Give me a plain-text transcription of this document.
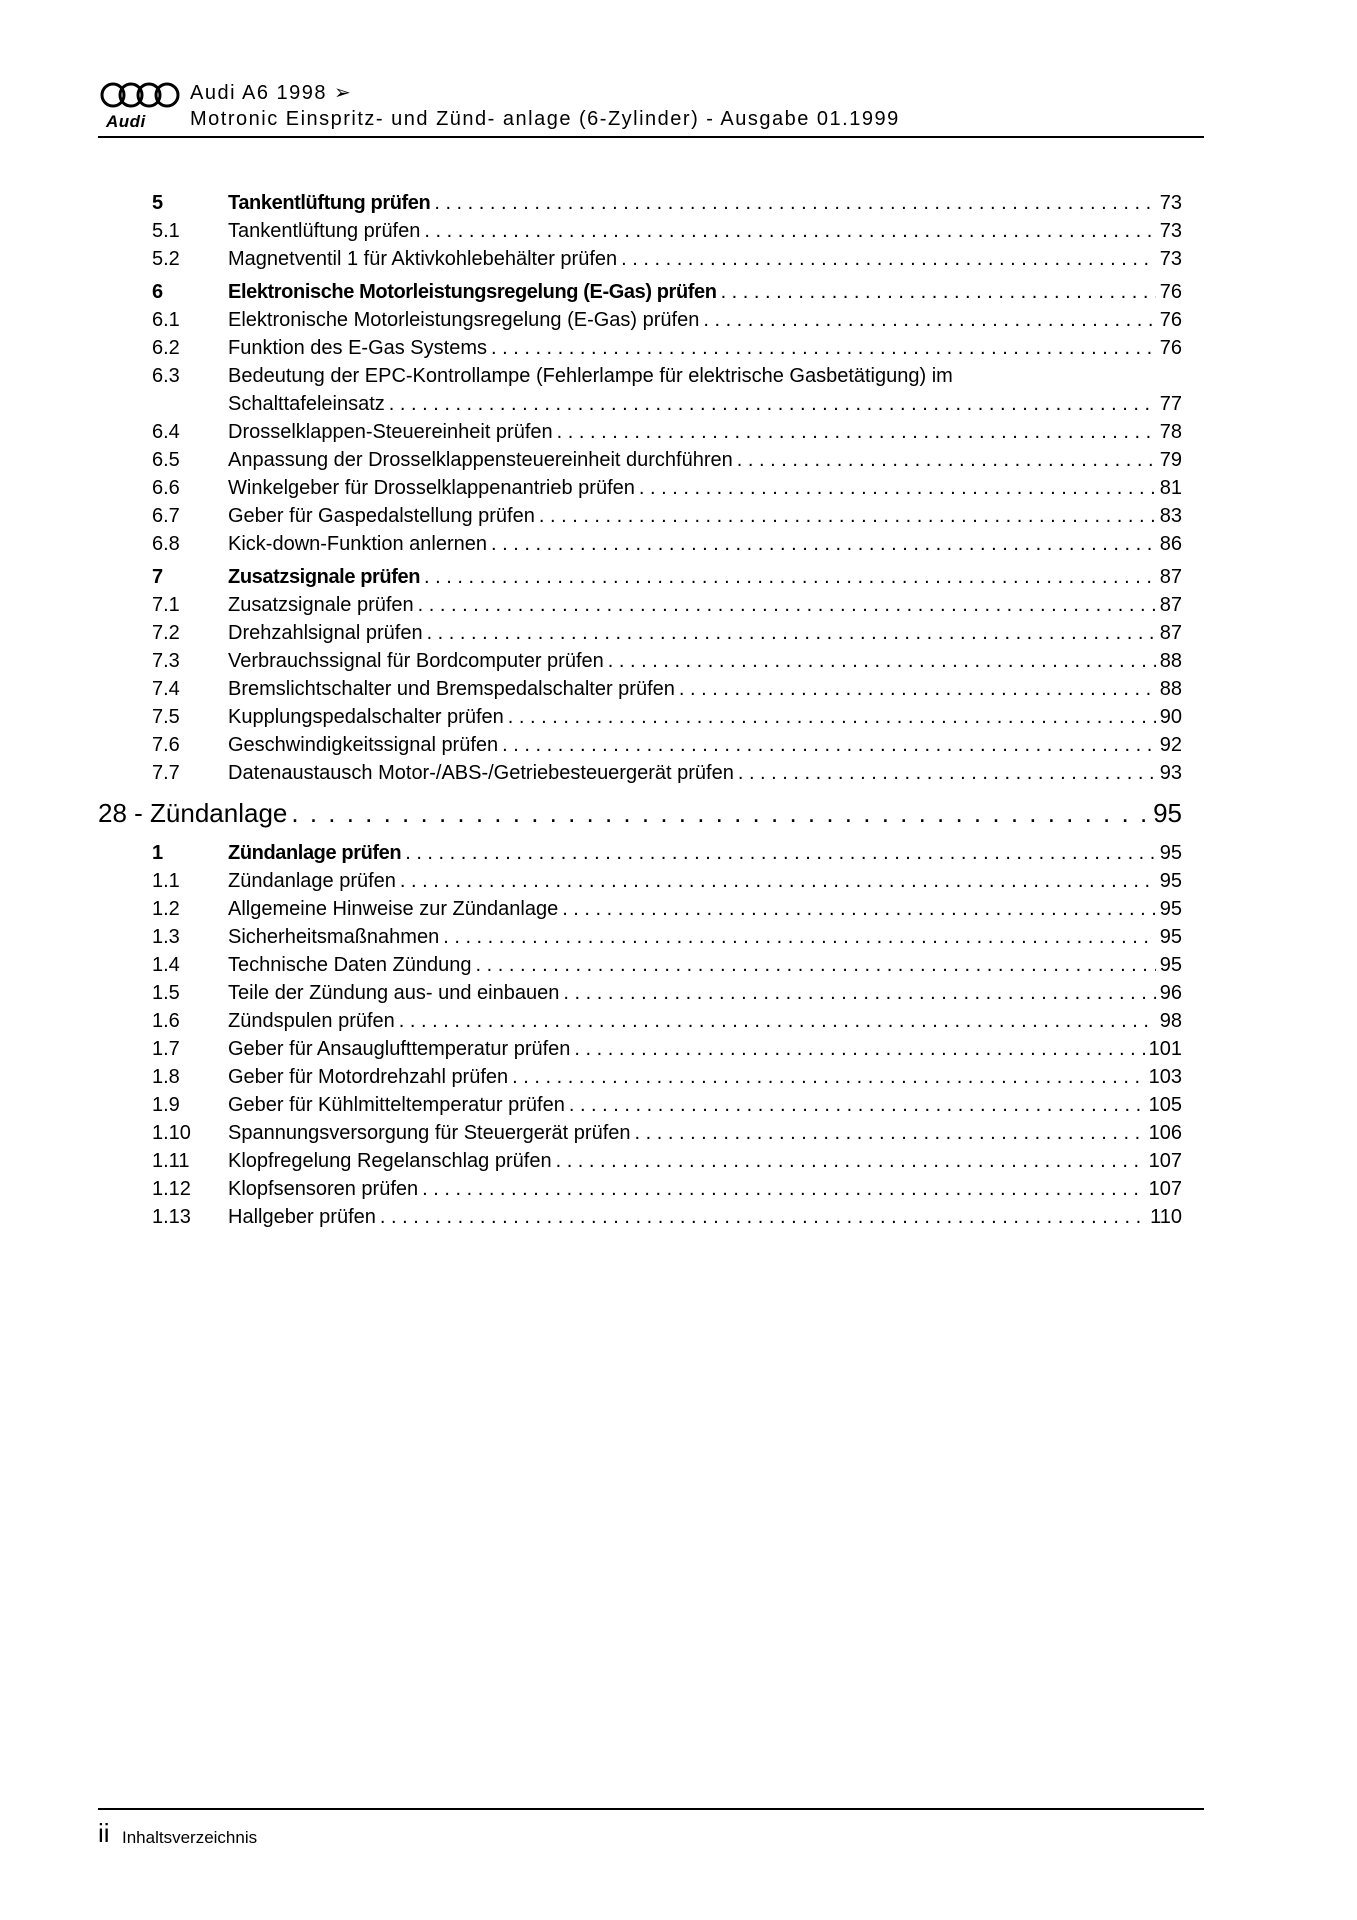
Audi
Audi A6 1998 ➢
Motronic Einspritz- und Zünd- anlage (6-Zylinder) - Ausgabe 01.1999
5	Tankentlüftung prüfen . . .	73
5.1	Tankentlüftung prüfen . . .	73
5.2	Magnetventil 1 für Aktivkohlebehälter prüfen . . .	73
6	Elektronische Motorleistungsregelung (E-Gas) prüfen . . .	76
6.1	Elektronische Motorleistungsregelung (E-Gas) prüfen . . .	76
6.2	Funktion des E-Gas Systems . . .	76
6.3	Bedeutung der EPC-Kontrollampe (Fehlerlampe für elektrische Gasbetätigung) im
Schalttafeleinsatz . . .	77
6.4	Drosselklappen-Steuereinheit prüfen . . .	78
6.5	Anpassung der Drosselklappensteuereinheit durchführen . . .	79
6.6	Winkelgeber für Drosselklappenantrieb prüfen . . .	81
6.7	Geber für Gaspedalstellung prüfen . . .	83
6.8	Kick-down-Funktion anlernen . . .	86
7	Zusatzsignale prüfen . . .	87
7.1	Zusatzsignale prüfen . . .	87
7.2	Drehzahlsignal prüfen . . .	87
7.3	Verbrauchssignal für Bordcomputer prüfen . . .	88
7.4	Bremslichtschalter und Bremspedalschalter prüfen . . .	88
7.5	Kupplungspedalschalter prüfen . . .	90
7.6	Geschwindigkeitssignal prüfen . . .	92
7.7	Datenaustausch Motor-/ABS-/Getriebesteuergerät prüfen . . .	93
28 - Zündanlage . . .	95
1	Zündanlage prüfen . . .	95
1.1	Zündanlage prüfen . . .	95
1.2	Allgemeine Hinweise zur Zündanlage . . .	95
1.3	Sicherheitsmaßnahmen . . .	95
1.4	Technische Daten Zündung . . .	95
1.5	Teile der Zündung aus- und einbauen . . .	96
1.6	Zündspulen prüfen . . .	98
1.7	Geber für Ansauglufttemperatur prüfen . . .	101
1.8	Geber für Motordrehzahl prüfen . . .	103
1.9	Geber für Kühlmitteltemperatur prüfen . . .	105
1.10	Spannungsversorgung für Steuergerät prüfen . . .	106
1.11	Klopfregelung Regelanschlag prüfen . . .	107
1.12	Klopfsensoren prüfen . . .	107
1.13	Hallgeber prüfen . . .	110
ii Inhaltsverzeichnis
